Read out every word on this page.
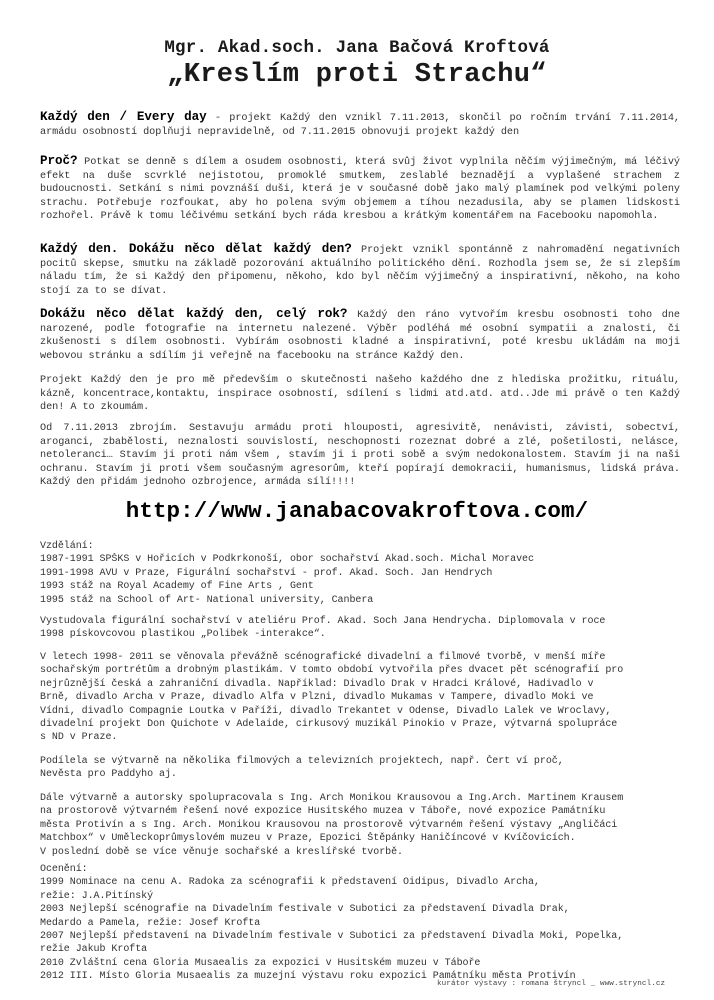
Mgr. Akad.soch. Jana Bačová Kroftová
„Kreslím proti Strachu“

Každý den / Every day - projekt Každý den vznikl 7.11.2013, skončil po ročním trvání 7.11.2014, armádu osobností doplňuji nepravidelně, od 7.11.2015 obnovuji projekt každý den

Proč? Potkat se denně s dílem a osudem osobnosti, která svůj život vyplnila něčím výjimečným, má léčivý efekt na duše scvrklé nejistotou, promoklé smutkem, zeslablé beznadějí a vyplašené strachem z budoucnosti. Setkání s nimi povznáší duši, která je v současné době jako malý plamínek pod velkými poleny strachu. Potřebuje rozfoukat, aby ho polena svým objemem a tíhou nezadusila, aby se plamen lidskosti rozhořel. Právě k tomu léčivému setkání bych ráda kresbou a krátkým komentářem na Facebooku napomohla.

Každý den. Dokážu něco dělat každý den? Projekt vznikl spontánně z nahromadění negativních pocitů skepse, smutku na základě pozorování aktuálního politického dění. Rozhodla jsem se, že si zlepším náladu tím, že si Každý den připomenu, někoho, kdo byl něčím výjimečný a inspirativní, někoho, na koho stojí za to se dívat.

Dokážu něco dělat každý den, celý rok? Každý den ráno vytvořím kresbu osobnosti toho dne narozené, podle fotografie na internetu nalezené. Výběr podléhá mé osobní sympatii a znalosti, či zkušenosti s dílem osobnosti. Vybírám osobnosti kladné a inspirativní, poté kresbu ukládám na moji webovou stránku a sdílím ji veřejně na facebooku na stránce Každý den.

Projekt Každý den je pro mě především o skutečnosti našeho každého dne z hlediska prožitku, rituálu, kázně, koncentrace,kontaktu, inspirace osobností, sdílení s lidmi atd.atd. atd..Jde mi právě o ten Každý den! A to zkoumám.

Od 7.11.2013 zbrojím. Sestavuju armádu proti hlouposti, agresivitě, nenávisti, závisti, sobectví, aroganci, zbabělosti, neznalosti souvislostí, neschopnosti rozeznat dobré a zlé, pošetilosti, nelásce, netoleranci… Stavím ji proti nám všem , stavím ji i proti sobě a svým nedokonalostem. Stavím ji na naši ochranu. Stavím ji proti všem současným agresorům, kteří popírají demokracii, humanismus, lidská práva. Každý den přidám jednoho ozbrojence, armáda sílí!!!!

http://www.janabacovakroftova.com/
Vzdělání:
1987-1991 SPŠKS v Hořicích v Podkrkonoší, obor sochařství Akad.soch. Michal Moravec
1991-1998 AVU v Praze, Figurální sochařství - prof. Akad. Soch. Jan Hendrych
1993 stáž na Royal Academy of Fine Arts , Gent
1995 stáž na School of Art- National university, Canbera
Vystudovala figurální sochařství v ateliéru Prof. Akad. Soch Jana Hendrycha. Diplomovala v roce
1998 pískovcovou plastikou „Polibek -interakce“.
V letech 1998- 2011 se věnovala převážně scénografické divadelní a filmové tvorbě, v menší míře
sochařským portrétům a drobným plastikám. V tomto období vytvořila přes dvacet pět scénografií pro
nejrůznější česká a zahraniční divadla. Například: Divadlo Drak v Hradci Králové, Hadivadlo v
Brně, divadlo Archa v Praze, divadlo Alfa v Plzni, divadlo Mukamas v Tampere, divadlo Moki ve
Vídni, divadlo Compagnie Loutka v Paříži, divadlo Trekantet v Odense, Divadlo Lalek ve Wroclavy,
divadelní projekt Don Quichote v Adelaide, cirkusový muzikál Pinokio v Praze, výtvarná spolupráce
s ND v Praze.
Podílela se výtvarně na několika filmových a televizních projektech, např. Čert ví proč,
Nevěsta pro Paddyho aj.
Dále výtvarně a autorsky spolupracovala s Ing. Arch Monikou Krausovou a Ing.Arch. Martinem Krausem
na prostorově výtvarném řešení nové expozice Husitského muzea v Táboře, nové expozice Památníku
města Protivín a s Ing. Arch. Monikou Krausovou na prostorově výtvarném řešení výstavy „Angličáci
Matchbox“ v Uměleckoprůmyslovém muzeu v Praze, Epozici Štěpánky Haničíncové v Kvíčovicích.
V poslední době se více věnuje sochařské a kreslířské tvorbě.
Ocenění:
1999 Nominace na cenu A. Radoka za scénografii k představení Oidipus, Divadlo Archa,
režie: J.A.Pitínský
2003 Nejlepší scénografie na Divadelním festivale v Subotici za představení Divadla Drak,
Medardo a Pamela, režie: Josef Krofta
2007 Nejlepší představení na Divadelním festivale v Subotici za představení Divadla Moki, Popelka,
režie Jakub Krofta
2010 Zvláštní cena Gloria Musaealis za expozici v Husitském muzeu v Táboře
2012 III. Místo Gloria Musaealis za muzejní výstavu roku expozici Památníku města Protivín
kurátor výstavy : romana štryncl _ www.stryncl.cz
